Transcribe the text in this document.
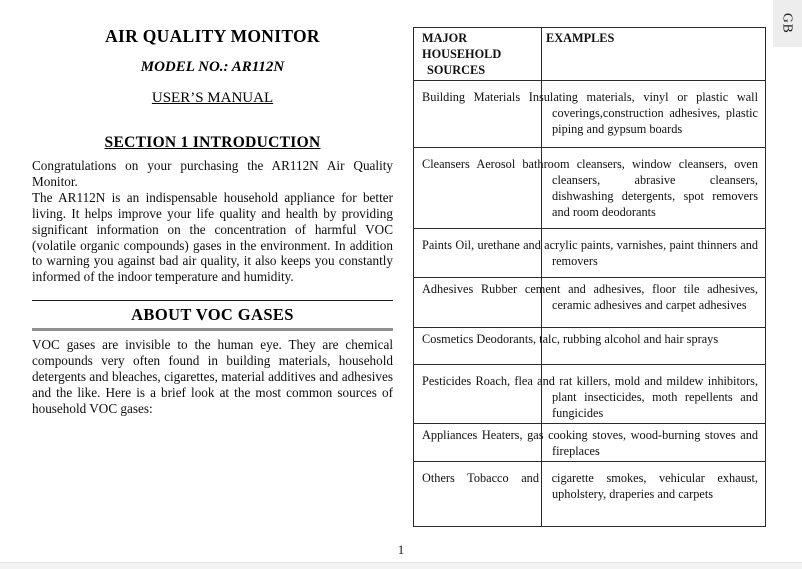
GB
AIR QUALITY MONITOR
MODEL NO.: AR112N
USER’S MANUAL
SECTION 1 INTRODUCTION

Congratulations on your purchasing the AR112N Air Quality Monitor.

The AR112N is an indispensable household appliance for better living. It helps improve your life quality and health by providing significant information on the concentration of harmful VOC (volatile organic compounds) gases in the environment. In addition to warning you against bad air quality, it also keeps you constantly informed of the indoor temperature and humidity.

ABOUT VOC GASES

VOC gases are invisible to the human eye. They are chemical compounds very often found in building materials, household detergents and bleaches, cigarettes, material additives and adhesives and the like. Here is a brief look at the most common sources of household VOC gases:

MAJOR HOUSEHOLD
SOURCES
EXAMPLES

Building Materials Insulating materials, vinyl or plastic wall coverings,construction adhesives, plastic piping and gypsum boards

Cleansers Aerosol bathroom cleansers, window cleansers, oven cleansers, abrasive cleansers, dishwashing detergents, spot removers and room deodorants

Paints Oil, urethane and acrylic paints, varnishes, paint thinners and removers

Adhesives Rubber cement and adhesives, floor tile adhesives, ceramic adhesives and carpet adhesives

Cosmetics Deodorants, talc, rubbing alcohol and hair sprays

Pesticides Roach, flea and rat killers, mold and mildew inhibitors, plant insecticides, moth repellents and fungicides

Appliances Heaters, gas cooking stoves, wood-burning stoves and fireplaces

Others Tobacco and cigarette smokes, vehicular exhaust, upholstery, draperies and carpets

1
